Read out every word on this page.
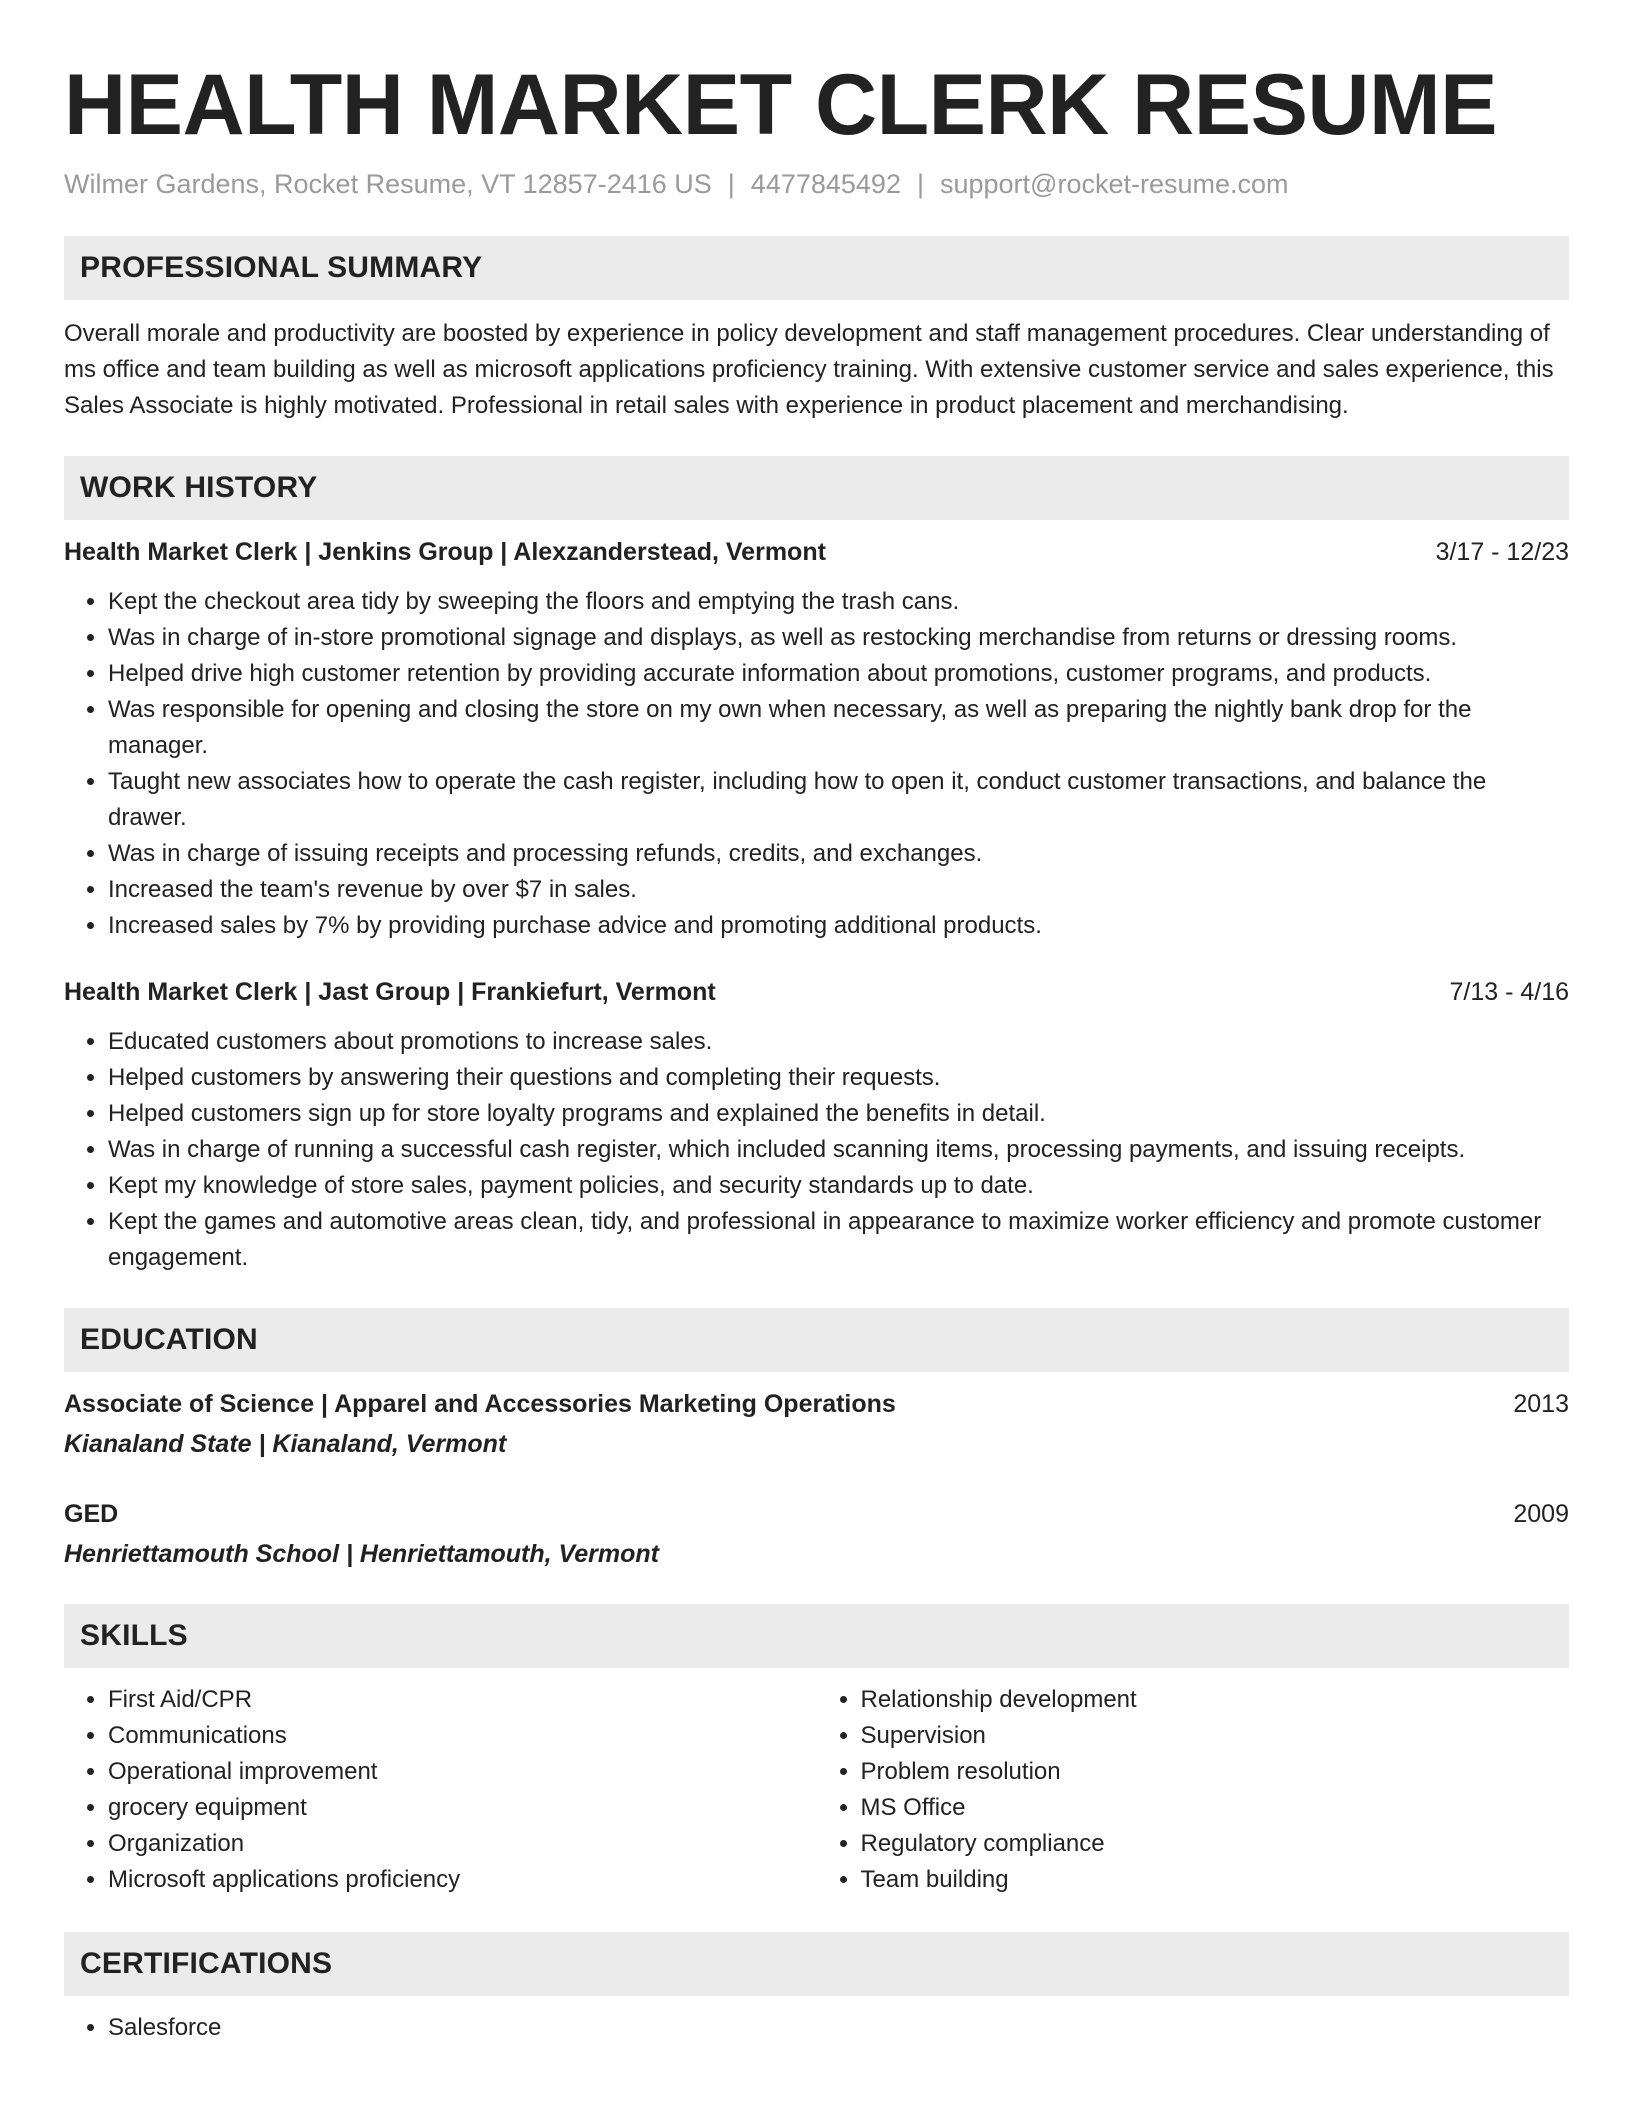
HEALTH MARKET CLERK RESUME
Wilmer Gardens, Rocket Resume, VT 12857-2416 US | 4477845492 | support@rocket-resume.com
PROFESSIONAL SUMMARY

Overall morale and productivity are boosted by experience in policy development and staff management procedures. Clear understanding of ms office and team building as well as microsoft applications proficiency training. With extensive customer service and sales experience, this Sales Associate is highly motivated. Professional in retail sales with experience in product placement and merchandising.

WORK HISTORY
Health Market Clerk | Jenkins Group | Alexzanderstead, Vermont	3/17 - 12/23
• Kept the checkout area tidy by sweeping the floors and emptying the trash cans.
• Was in charge of in-store promotional signage and displays, as well as restocking merchandise from returns or dressing rooms.
• Helped drive high customer retention by providing accurate information about promotions, customer programs, and products.
• Was responsible for opening and closing the store on my own when necessary, as well as preparing the nightly bank drop for the manager.
• Taught new associates how to operate the cash register, including how to open it, conduct customer transactions, and balance the drawer.
• Was in charge of issuing receipts and processing refunds, credits, and exchanges.
• Increased the team's revenue by over $7 in sales.
• Increased sales by 7% by providing purchase advice and promoting additional products.
Health Market Clerk | Jast Group | Frankiefurt, Vermont	7/13 - 4/16
• Educated customers about promotions to increase sales.
• Helped customers by answering their questions and completing their requests.
• Helped customers sign up for store loyalty programs and explained the benefits in detail.
• Was in charge of running a successful cash register, which included scanning items, processing payments, and issuing receipts.
• Kept my knowledge of store sales, payment policies, and security standards up to date.
• Kept the games and automotive areas clean, tidy, and professional in appearance to maximize worker efficiency and promote customer engagement.
EDUCATION
Associate of Science | Apparel and Accessories Marketing Operations	2013
Kianaland State | Kianaland, Vermont
GED	2009
Henriettamouth School | Henriettamouth, Vermont
SKILLS
• First Aid/CPR
• Communications
• Operational improvement
• grocery equipment
• Organization
• Microsoft applications proficiency
• Relationship development
• Supervision
• Problem resolution
• MS Office
• Regulatory compliance
• Team building
CERTIFICATIONS
• Salesforce
